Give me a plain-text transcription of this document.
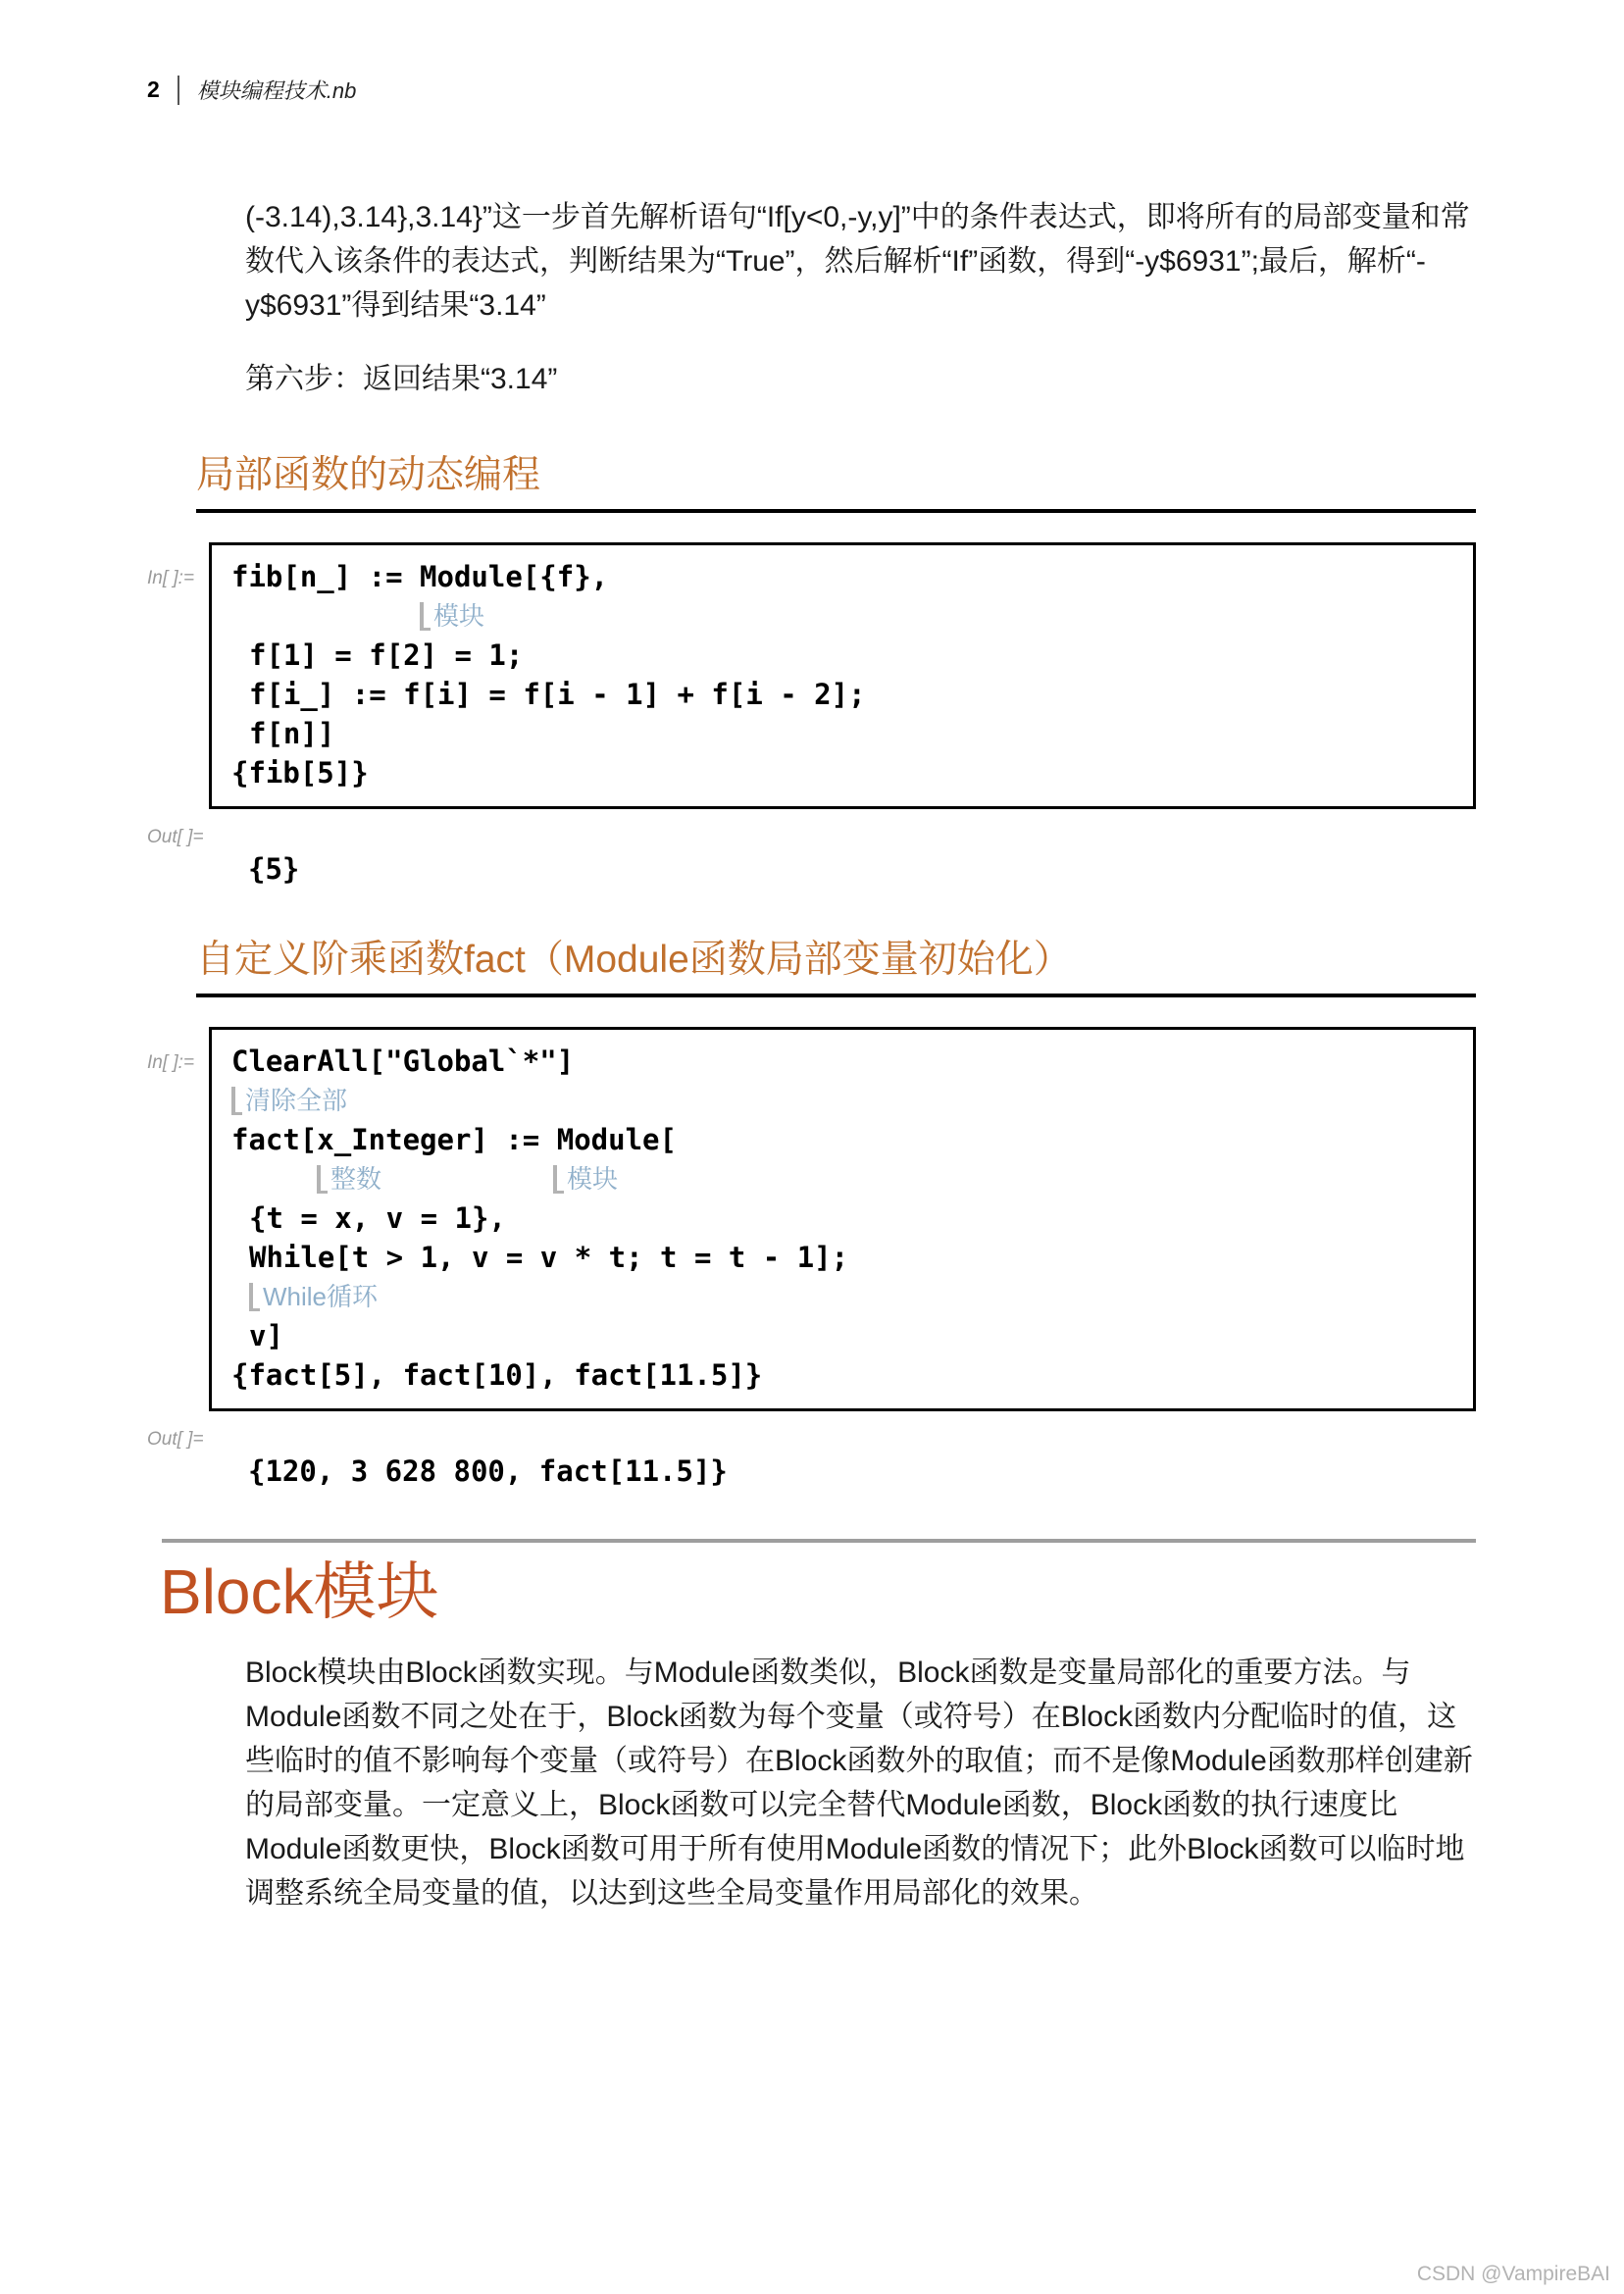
2 模块编程技术.nb
(-3.14),3.14},3.14}”这一步首先解析语句“If[y<0,-y,y]”中的条件表达式，即将所有的局部变量和常
数代入该条件的表达式，判断结果为“True”，然后解析“If”函数，得到“-y$6931”;最后，解析“-
y$6931”得到结果“3.14”
第六步：返回结果“3.14”
局部函数的动态编程
In[ ]:=	fib[n_] := Module[{f},
模块
f[1] = f[2] = 1;
f[i_] := f[i] = f[i - 1] + f[i - 2];
f[n]]
{fib[5]}
Out[ ]=
{5}
自定义阶乘函数fact（Module函数局部变量初始化）
In[ ]:=	ClearAll["Global`*"]
清除全部
fact[x_Integer] := Module[
整数	模块
{t = x, v = 1},
While[t > 1, v = v * t; t = t - 1];
While循环
v]
{fact[5], fact[10], fact[11.5]}
Out[ ]=
{120, 3 628 800, fact[11.5]}
Block模块
Block模块由Block函数实现。与Module函数类似，Block函数是变量局部化的重要方法。与
Module函数不同之处在于，Block函数为每个变量（或符号）在Block函数内分配临时的值，这
些临时的值不影响每个变量（或符号）在Block函数外的取值；而不是像Module函数那样创建新
的局部变量。一定意义上，Block函数可以完全替代Module函数，Block函数的执行速度比
Module函数更快，Block函数可用于所有使用Module函数的情况下；此外Block函数可以临时地
调整系统全局变量的值，以达到这些全局变量作用局部化的效果。
CSDN @VampireBAI
